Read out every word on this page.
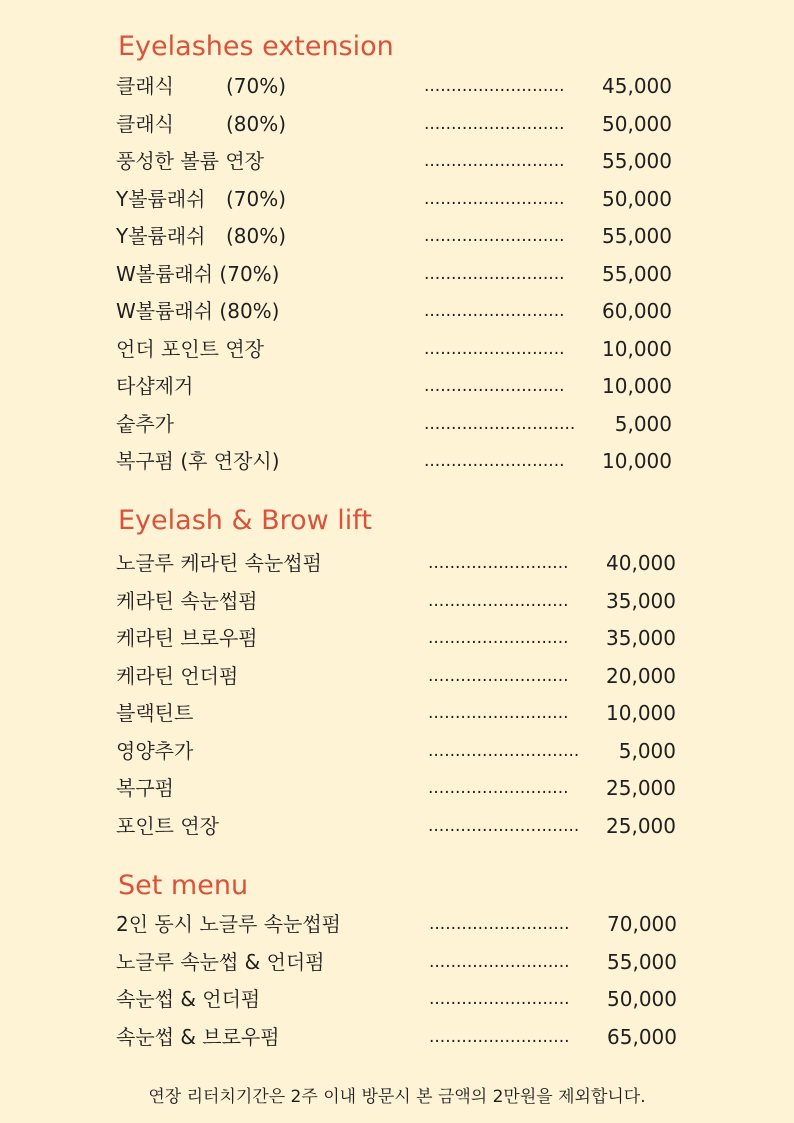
Eyelashes extension
Eyelash & Brow lift
Set menu
클래식	(70%)	..........................	45,000
클래식	(80%)	..........................	50,000
풍성한 볼륨 연장	..........................	55,000
Y볼륨래쉬 (70%)	..........................	50,000
Y볼륨래쉬 (80%)	..........................	55,000
W볼륨래쉬 (70%)	..........................	55,000
W볼륨래쉬 (80%)	..........................	60,000
언더 포인트 연장	..........................	10,000
타샵제거	..........................	10,000
숱추가	............................	5,000
복구펌 (후 연장시)	..........................	10,000
노글루 케라틴 속눈썹펌	..........................	40,000
케라틴 속눈썹펌	..........................	35,000
케라틴 브로우펌	..........................	35,000
케라틴 언더펌	..........................	20,000
블랙틴트	..........................	10,000
영양추가	............................	5,000
복구펌	..........................	25,000
포인트 연장	............................	25,000
2인 동시 노글루 속눈썹펌	..........................	70,000
노글루 속눈썹 & 언더펌	..........................	55,000
속눈썹 & 언더펌	..........................	50,000
속눈썹 & 브로우펌	..........................	65,000
연장 리터치기간은 2주 이내 방문시 본 금액의 2만원을 제외합니다.
